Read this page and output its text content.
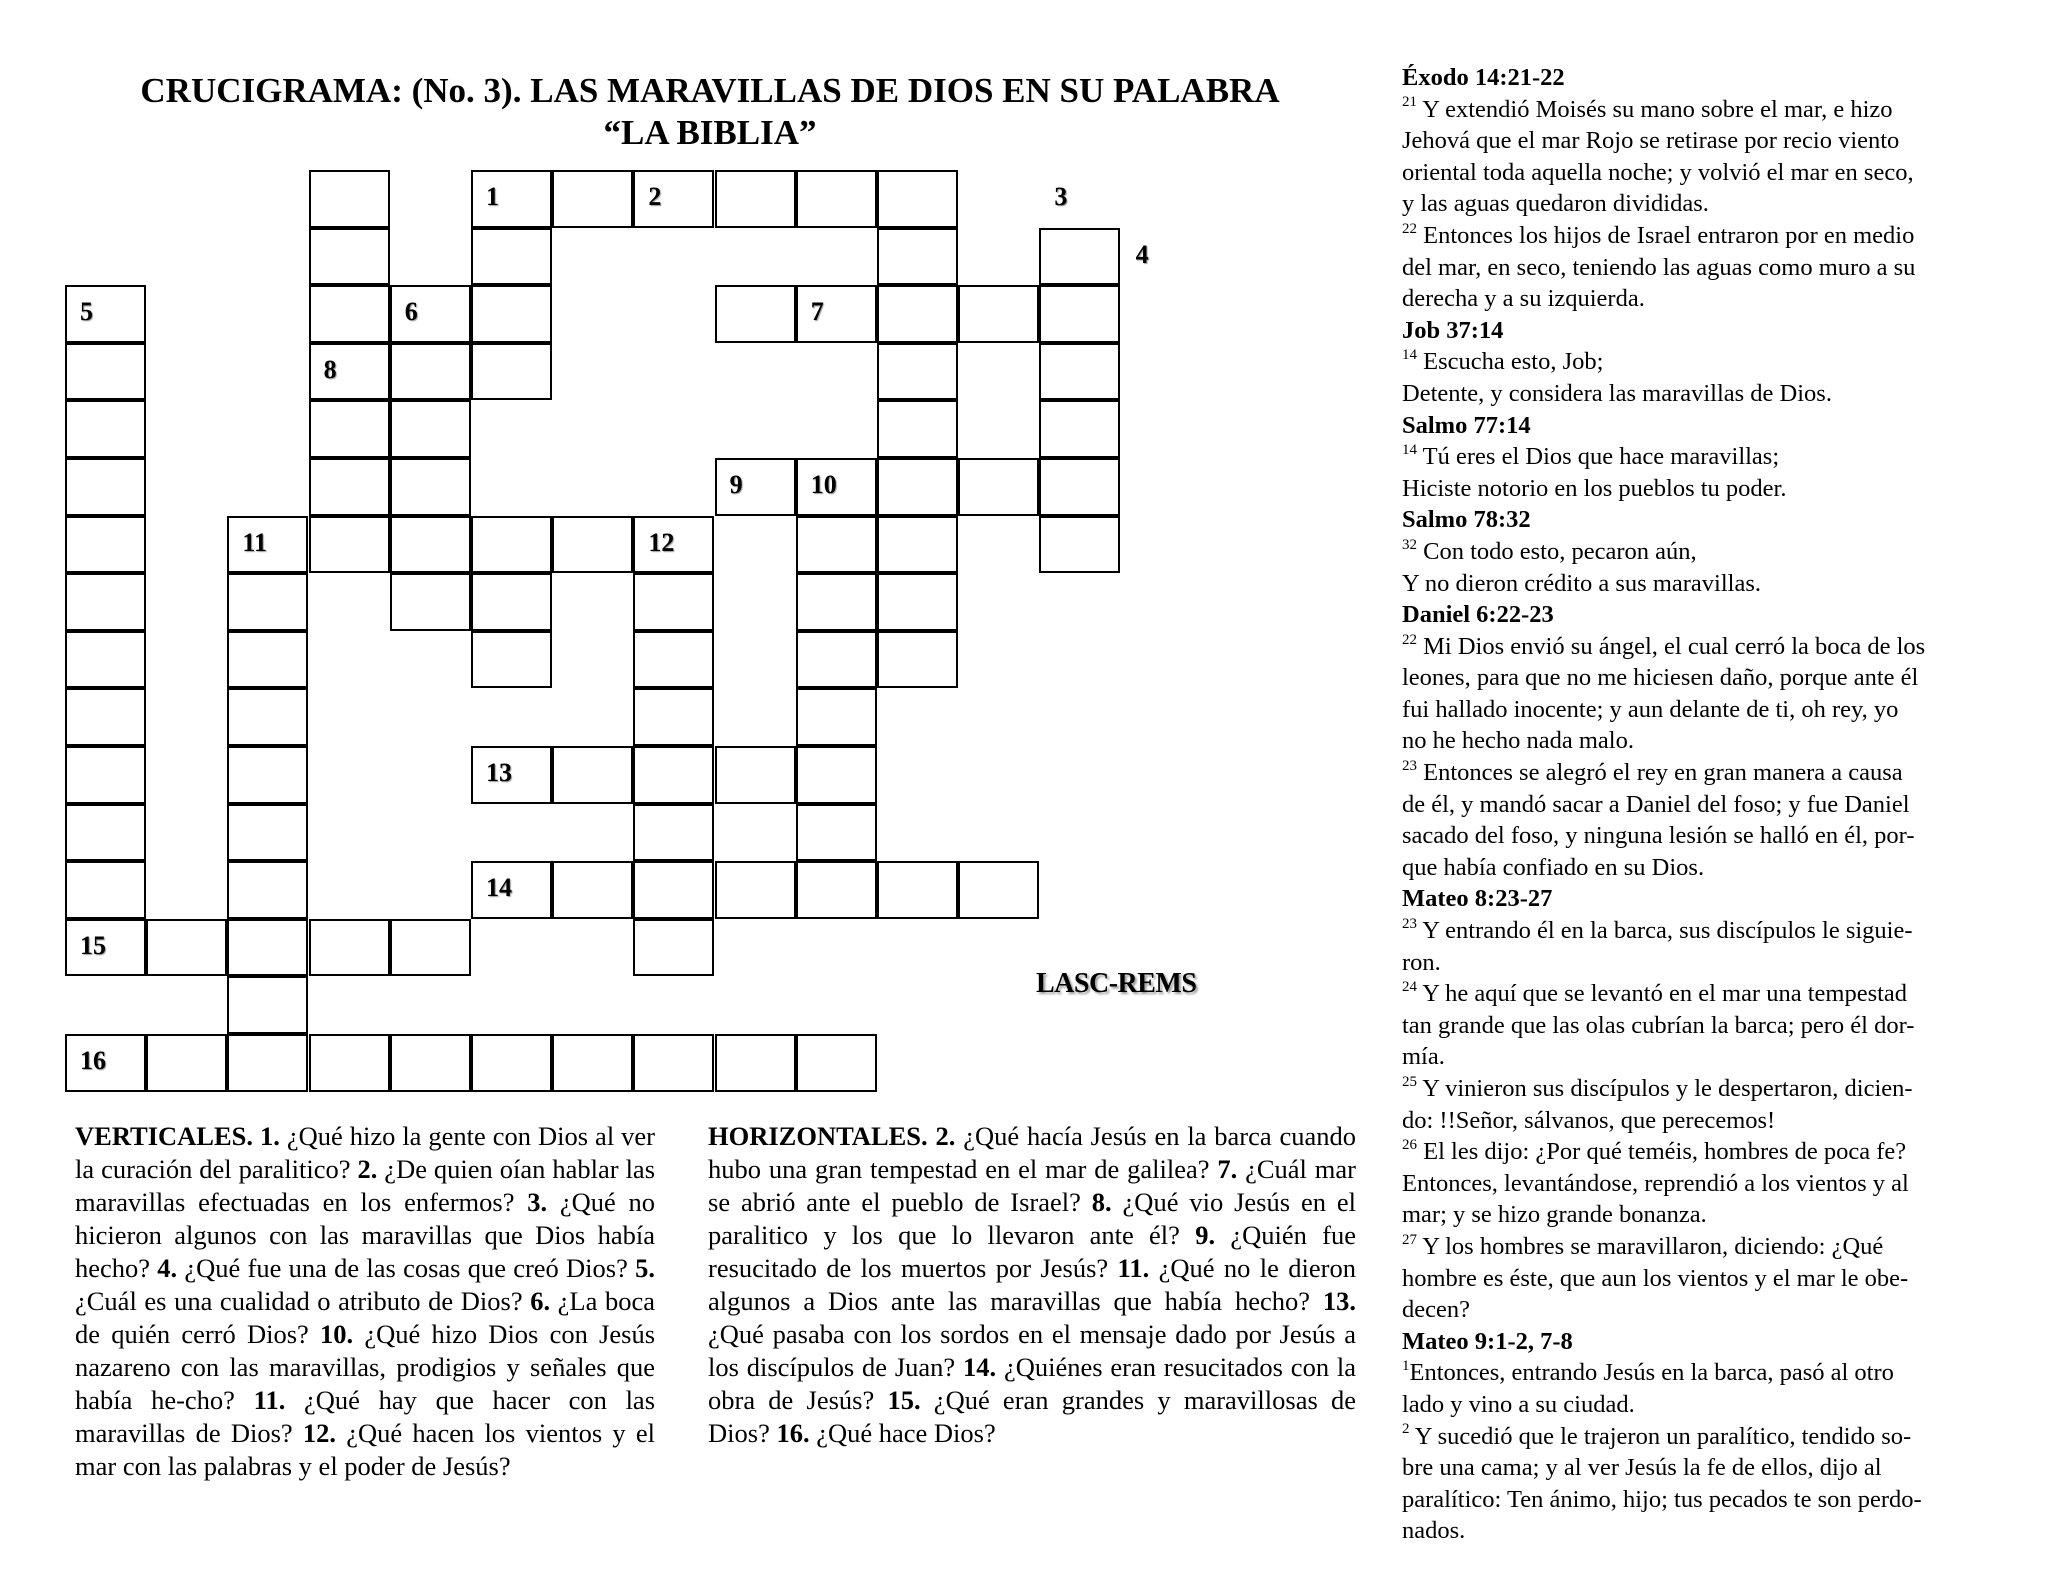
CRUCIGRAMA: (No. 3). LAS MARAVILLAS DE DIOS EN SU PALABRA
“LA BIBLIA”
1	2	3
4
5	6	7
8
9	10
11	12
13
14
15
16
LASC-REMS
VERTICALES. 1. ¿Qué hizo la gente con Dios al ver la curación del paralitico? 2. ¿De quien oían hablar las maravillas efectuadas en los enfermos? 3. ¿Qué no hicieron algunos con las maravillas que Dios había hecho? 4. ¿Qué fue una de las cosas que creó Dios? 5. ¿Cuál es una cualidad o atributo de Dios? 6. ¿La boca de quién cerró Dios? 10. ¿Qué hizo Dios con Jesús nazareno con las maravillas, prodigios y señales que había he-cho? 11. ¿Qué hay que hacer con las maravillas de Dios? 12. ¿Qué hacen los vientos y el mar con las palabras y el poder de Jesús?
HORIZONTALES. 2. ¿Qué hacía Jesús en la barca cuando hubo una gran tempestad en el mar de galilea? 7. ¿Cuál mar se abrió ante el pueblo de Israel? 8. ¿Qué vio Jesús en el paralitico y los que lo llevaron ante él? 9. ¿Quién fue resucitado de los muertos por Jesús? 11. ¿Qué no le dieron algunos a Dios ante las maravillas que había hecho? 13. ¿Qué pasaba con los sordos en el mensaje dado por Jesús a los discípulos de Juan? 14. ¿Quiénes eran resucitados con la obra de Jesús? 15. ¿Qué eran grandes y maravillosas de Dios? 16. ¿Qué hace Dios?
Éxodo 14:21-22
$^{21}$ Y extendió Moisés su mano sobre el mar, e hizo
Jehová que el mar Rojo se retirase por recio viento
oriental toda aquella noche; y volvió el mar en seco,
y las aguas quedaron divididas.
$^{22}$ Entonces los hijos de Israel entraron por en medio
del mar, en seco, teniendo las aguas como muro a su
derecha y a su izquierda.
Job 37:14
$^{14}$ Escucha esto, Job;
Detente, y considera las maravillas de Dios.
Salmo 77:14
$^{14}$ Tú eres el Dios que hace maravillas;
Hiciste notorio en los pueblos tu poder.
Salmo 78:32
$^{32}$ Con todo esto, pecaron aún,
Y no dieron crédito a sus maravillas.
Daniel 6:22-23
$^{22}$ Mi Dios envió su ángel, el cual cerró la boca de los
leones, para que no me hiciesen daño, porque ante él
fui hallado inocente; y aun delante de ti, oh rey, yo
no he hecho nada malo.
$^{23}$ Entonces se alegró el rey en gran manera a causa
de él, y mandó sacar a Daniel del foso; y fue Daniel
sacado del foso, y ninguna lesión se halló en él, por-
que había confiado en su Dios.
Mateo 8:23-27
$^{23}$ Y entrando él en la barca, sus discípulos le siguie-
ron.
$^{24}$ Y he aquí que se levantó en el mar una tempestad
tan grande que las olas cubrían la barca; pero él dor-
mía.
$^{25}$ Y vinieron sus discípulos y le despertaron, dicien-
do: !!Señor, sálvanos, que perecemos!
$^{26}$ El les dijo: ¿Por qué teméis, hombres de poca fe?
Entonces, levantándose, reprendió a los vientos y al
mar; y se hizo grande bonanza.
$^{27}$ Y los hombres se maravillaron, diciendo: ¿Qué
hombre es éste, que aun los vientos y el mar le obe-
decen?
Mateo 9:1-2, 7-8
$^1$Entonces, entrando Jesús en la barca, pasó al otro
lado y vino a su ciudad.
$^2$ Y sucedió que le trajeron un paralítico, tendido so-
bre una cama; y al ver Jesús la fe de ellos, dijo al
paralítico: Ten ánimo, hijo; tus pecados te son perdo-
nados.
